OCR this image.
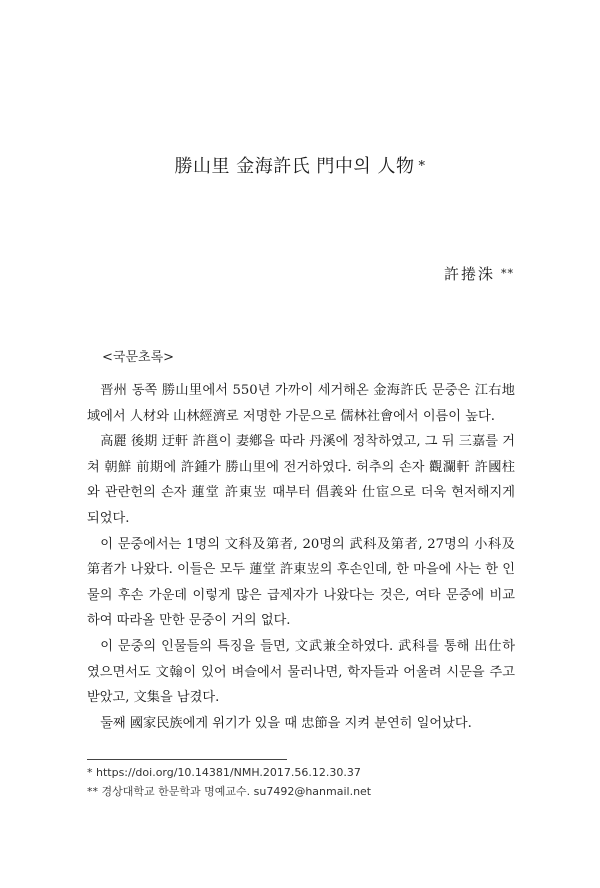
勝山里 金海許氏 門中의 人物 *
許捲洙 **
<국문초록>

晋州 동쪽 勝山里에서 550년 가까이 세거해온 金海許氏 문중은 江右地域에서 人材와 山林經濟로 저명한 가문으로 儒林社會에서 이름이 높다.

高麗 後期 迂軒 許邕이 妻鄕을 따라 丹溪에 정착하였고, 그 뒤 三嘉를 거쳐 朝鮮 前期에 許鍾가 勝山里에 전거하였다. 허추의 손자 觀瀾軒 許國柱와 관란헌의 손자 蓮堂 許東岦 때부터 倡義와 仕宦으로 더욱 현저해지게 되었다.

이 문중에서는 1명의 文科及第者, 20명의 武科及第者, 27명의 小科及第者가 나왔다. 이들은 모두 蓮堂 許東岦의 후손인데, 한 마을에 사는 한 인물의 후손 가운데 이렇게 많은 급제자가 나왔다는 것은, 여타 문중에 비교하여 따라올 만한 문중이 거의 없다.

이 문중의 인물들의 특징을 들면, 文武兼全하였다. 武科를 통해 出仕하였으면서도 文翰이 있어 벼슬에서 물러나면, 학자들과 어울려 시문을 주고받았고, 文集을 남겼다.

둘째 國家民族에게 위기가 있을 때 忠節을 지켜 분연히 일어났다.

* https://doi.org/10.14381/NMH.2017.56.12.30.37
** 경상대학교 한문학과 명예교수. su7492@hanmail.net
